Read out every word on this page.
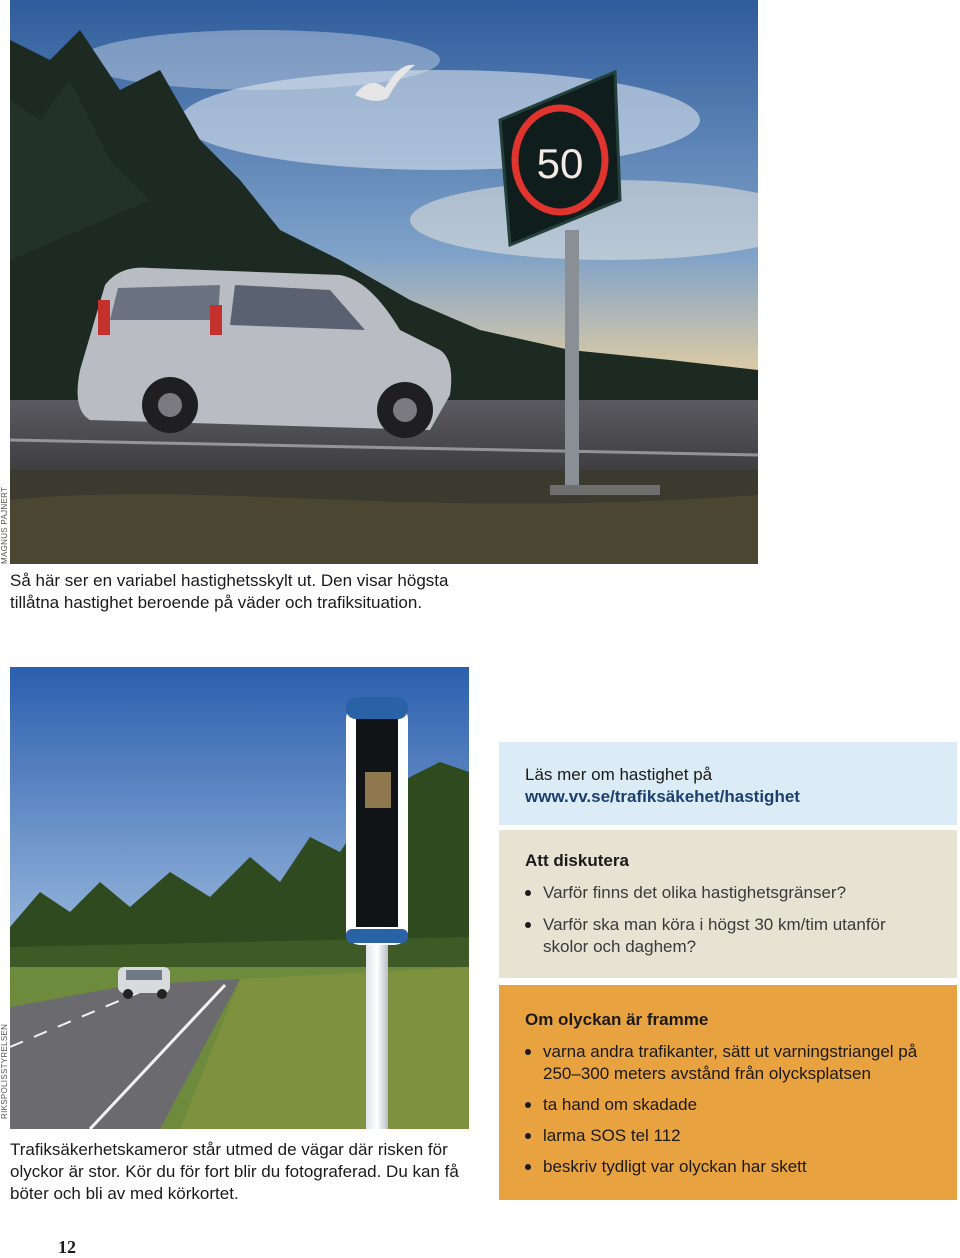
50
MAGNUS PAJNERT

Så här ser en variabel hastighetsskylt ut. Den visar högsta tillåtna hastighet beroende på väder och trafiksituation.

RIKSPOLISSTYRELSEN

Trafiksäkerhetskameror står utmed de vägar där risken för olyckor är stor. Kör du för fort blir du fotograferad. Du kan få böter och bli av med körkortet.

Läs mer om hastighet på

www.vv.se/trafiksäkehet/hastighet

Att diskutera
Varför finns det olika hastighetsgränser?
Varför ska man köra i högst 30 km/tim utanför skolor och daghem?
Om olyckan är framme
varna andra trafikanter, sätt ut varningstriangel på 250–300 meters avstånd från olycksplatsen
ta hand om skadade
larma SOS tel 112
beskriv tydligt var olyckan har skett
12
